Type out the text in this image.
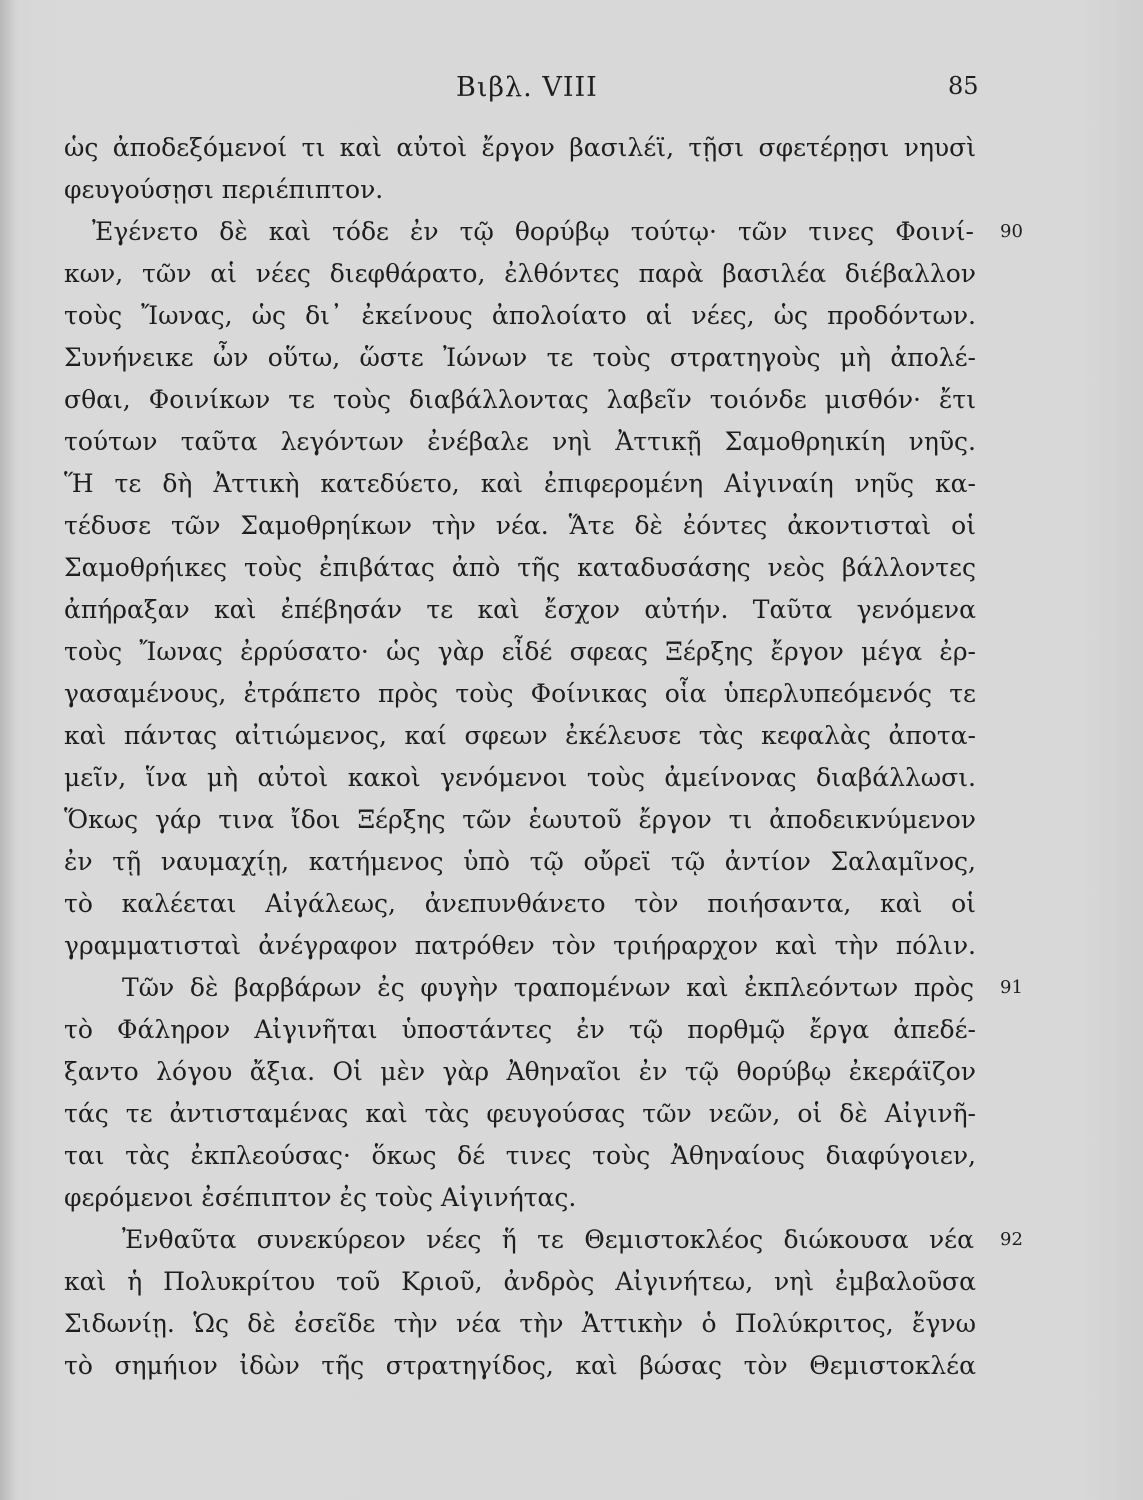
Βιβλ. VIII	85
ὡς ἀποδεξόμενοί τι καὶ αὐτοὶ ἔργον βασιλέϊ, τῇσι σφετέρῃσι νηυσὶ
φευγούσῃσι περιέπιπτον.
Ἐγένετο δὲ καὶ τόδε ἐν τῷ θορύβῳ τούτῳ· τῶν τινες Φοινί-
κων, τῶν αἱ νέες διεφθάρατο, ἐλθόντες παρὰ βασιλέα διέβαλλον
τοὺς Ἴωνας, ὡς δι᾽ ἐκείνους ἀπολοίατο αἱ νέες, ὡς προδόντων.
Συνήνεικε ὦν οὕτω, ὥστε Ἰώνων τε τοὺς στρατηγοὺς μὴ ἀπολέ-
σθαι, Φοινίκων τε τοὺς διαβάλλοντας λαβεῖν τοιόνδε μισθόν· ἔτι
τούτων ταῦτα λεγόντων ἐνέβαλε νηὶ Ἀττικῇ Σαμοθρηικίη νηῦς.
Ἥ τε δὴ Ἀττικὴ κατεδύετο, καὶ ἐπιφερομένη Αἰγιναίη νηῦς κα-
τέδυσε τῶν Σαμοθρηίκων τὴν νέα. Ἅτε δὲ ἐόντες ἀκοντισταὶ οἱ
Σαμοθρήικες τοὺς ἐπιβάτας ἀπὸ τῆς καταδυσάσης νεὸς βάλλοντες
ἀπήραξαν καὶ ἐπέβησάν τε καὶ ἔσχον αὐτήν. Ταῦτα γενόμενα
τοὺς Ἴωνας ἐρρύσατο· ὡς γὰρ εἶδέ σφεας Ξέρξης ἔργον μέγα ἐρ-
γασαμένους, ἐτράπετο πρὸς τοὺς Φοίνικας οἷα ὑπερλυπεόμενός τε
καὶ πάντας αἰτιώμενος, καί σφεων ἐκέλευσε τὰς κεφαλὰς ἀποτα-
μεῖν, ἵνα μὴ αὐτοὶ κακοὶ γενόμενοι τοὺς ἀμείνονας διαβάλλωσι.
Ὅκως γάρ τινα ἴδοι Ξέρξης τῶν ἑωυτοῦ ἔργον τι ἀποδεικνύμενον
ἐν τῇ ναυμαχίῃ, κατήμενος ὑπὸ τῷ οὔρεϊ τῷ ἀντίον Σαλαμῖνος,
τὸ καλέεται Αἰγάλεως, ἀνεπυνθάνετο τὸν ποιήσαντα, καὶ οἱ
γραμματισταὶ ἀνέγραφον πατρόθεν τὸν τριήραρχον καὶ τὴν πόλιν.
Τῶν δὲ βαρβάρων ἐς φυγὴν τραπομένων καὶ ἐκπλεόντων πρὸς
τὸ Φάληρον Αἰγινῆται ὑποστάντες ἐν τῷ πορθμῷ ἔργα ἀπεδέ-
ξαντο λόγου ἄξια. Οἱ μὲν γὰρ Ἀθηναῖοι ἐν τῷ θορύβῳ ἐκεράϊζον
τάς τε ἀντισταμένας καὶ τὰς φευγούσας τῶν νεῶν, οἱ δὲ Αἰγινῆ-
ται τὰς ἐκπλεούσας· ὅκως δέ τινες τοὺς Ἀθηναίους διαφύγοιεν,
φερόμενοι ἐσέπιπτον ἐς τοὺς Αἰγινήτας.
Ἐνθαῦτα συνεκύρεον νέες ἥ τε Θεμιστοκλέος διώκουσα νέα
καὶ ἡ Πολυκρίτου τοῦ Κριοῦ, ἀνδρὸς Αἰγινήτεω, νηὶ ἐμβαλοῦσα
Σιδωνίῃ. Ὡς δὲ ἐσεῖδε τὴν νέα τὴν Ἀττικὴν ὁ Πολύκριτος, ἔγνω
τὸ σημήιον ἰδὼν τῆς στρατηγίδος, καὶ βώσας τὸν Θεμιστοκλέα
90
91
92
